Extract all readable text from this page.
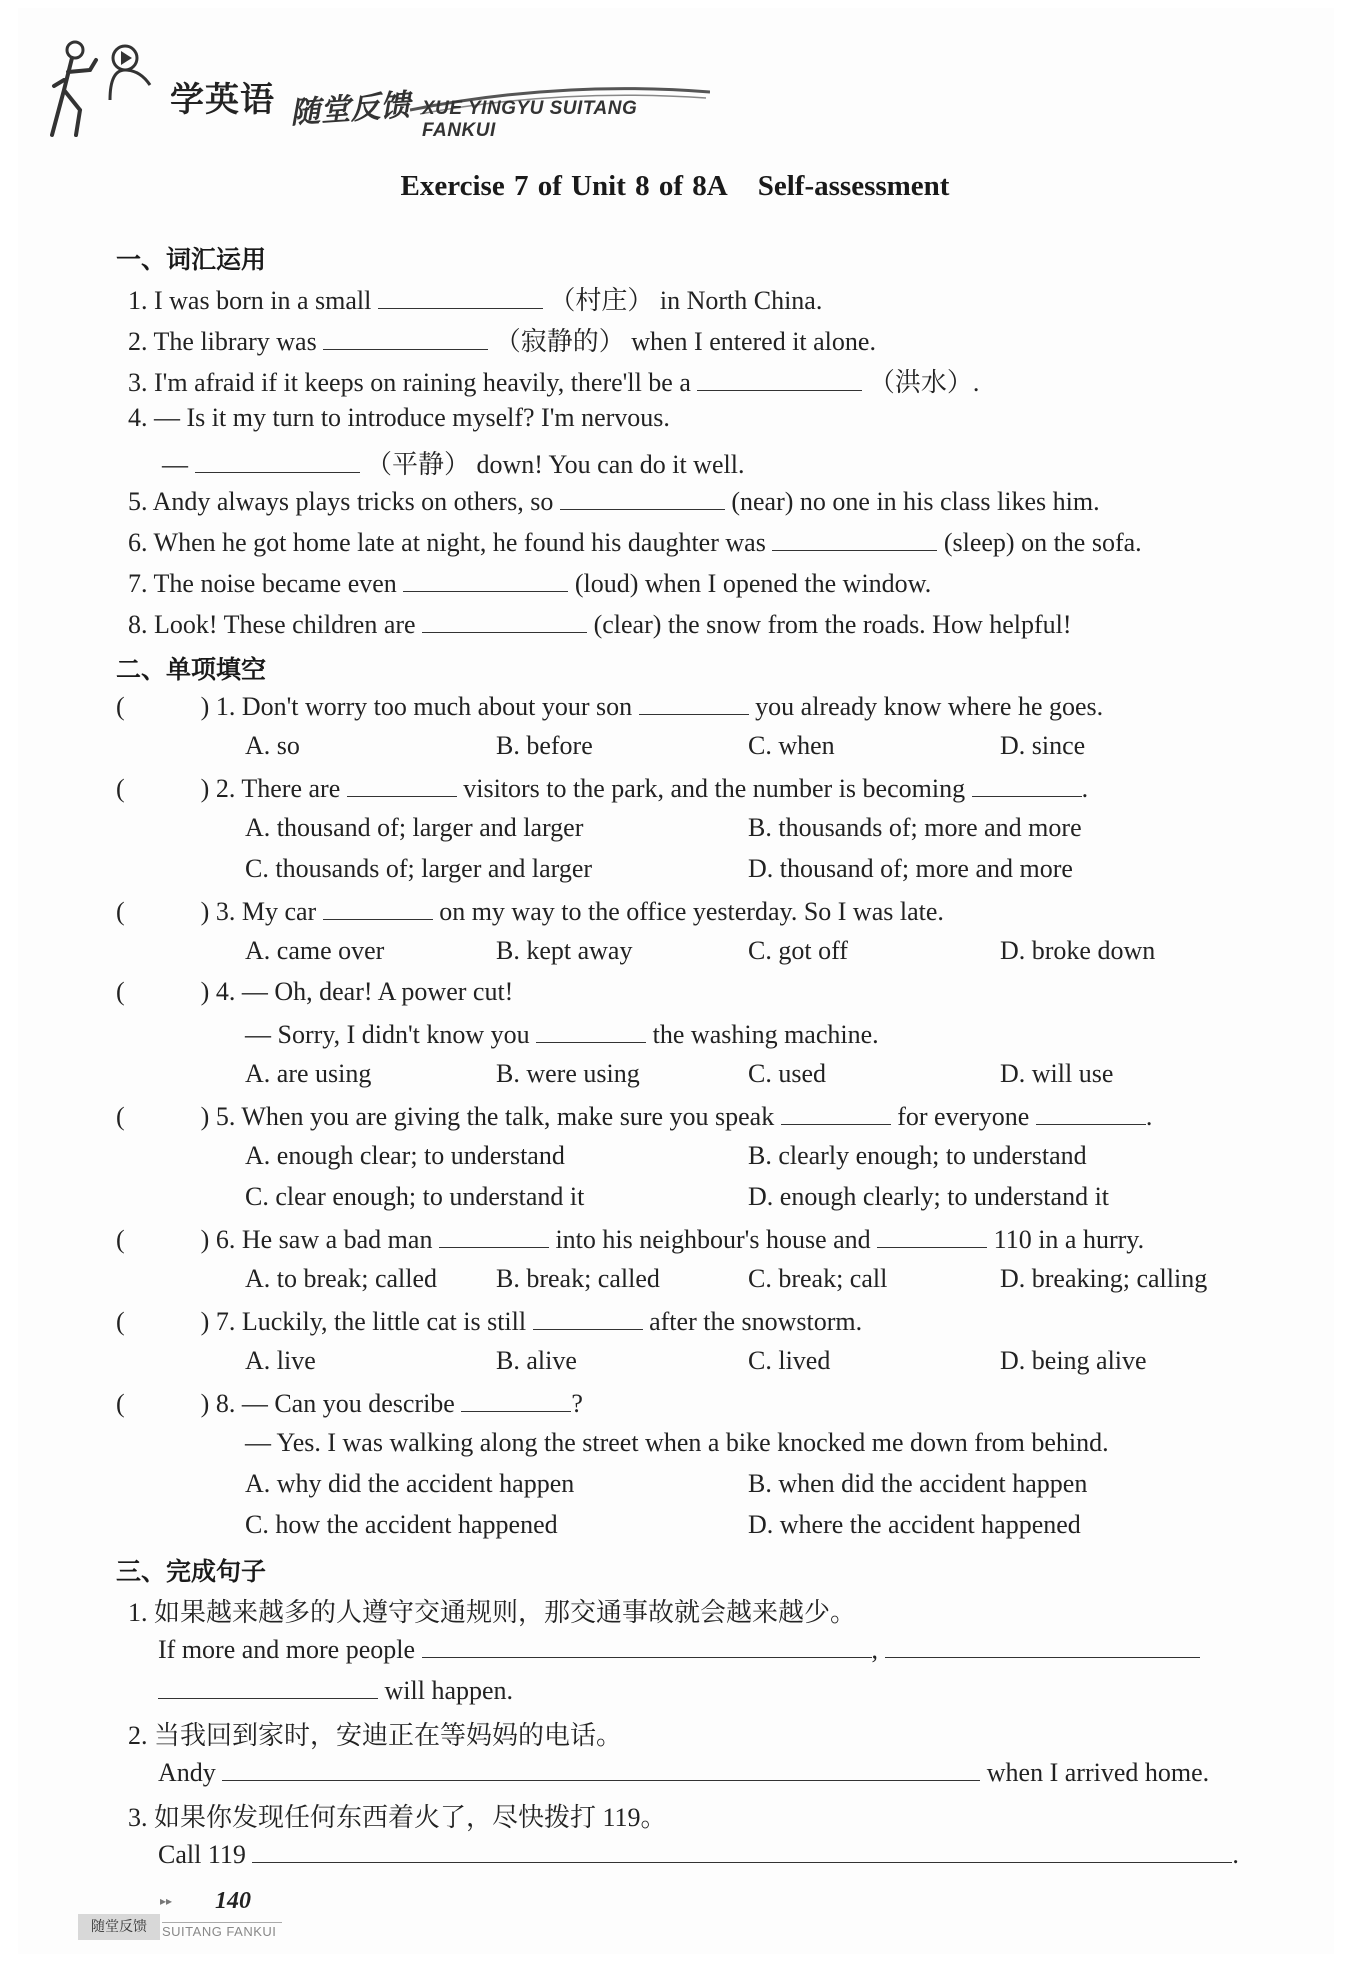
学英语 随堂反馈 XUE YINGYU SUITANG FANKUI
Exercise 7 of Unit 8 of 8A Self-assessment
一、词汇运用
1. I was born in a small	（村庄） in North China.
2. The library was	（寂静的） when I entered it alone.
3. I'm afraid if it keeps on raining heavily, there'll be a	（洪水）.
4. — Is it my turn to introduce myself? I'm nervous.
—	（平静） down! You can do it well.
5. Andy always plays tricks on others, so	(near) no one in his class likes him.
6. When he got home late at night, he found his daughter was	(sleep) on the sofa.
7. The noise became even	(loud) when I opened the window.
8. Look! These children are	(clear) the snow from the roads. How helpful!
二、单项填空
(	) 1. Don't worry too much about your son	you already know where he goes.
A. so	B. before	C. when	D. since
(	) 2. There are	visitors to the park, and the number is becoming	.
A. thousand of; larger and larger	B. thousands of; more and more
C. thousands of; larger and larger	D. thousand of; more and more
(	) 3. My car	on my way to the office yesterday. So I was late.
A. came over	B. kept away	C. got off	D. broke down
(	) 4. — Oh, dear! A power cut!
— Sorry, I didn't know you	the washing machine.
A. are using	B. were using	C. used	D. will use
(	) 5. When you are giving the talk, make sure you speak	for everyone	.
A. enough clear; to understand	B. clearly enough; to understand
C. clear enough; to understand it	D. enough clearly; to understand it
(	) 6. He saw a bad man	into his neighbour's house and	110 in a hurry.
A. to break; called B. break; called	C. break; call	D. breaking; calling
(	) 7. Luckily, the little cat is still	after the snowstorm.
A. live	B. alive	C. lived	D. being alive
(	) 8. — Can you describe	?
— Yes. I was walking along the street when a bike knocked me down from behind.
A. why did the accident happen	B. when did the accident happen
C. how the accident happened	D. where the accident happened
三、完成句子
1. 如果越来越多的人遵守交通规则，那交通事故就会越来越少。
If more and more people	,
will happen.
2. 当我回到家时，安迪正在等妈妈的电话。
Andy	when I arrived home.
3. 如果你发现任何东西着火了，尽快拨打 119。
Call 119	.
▸▸ 140
随堂反馈	SUITANG FANKUI
